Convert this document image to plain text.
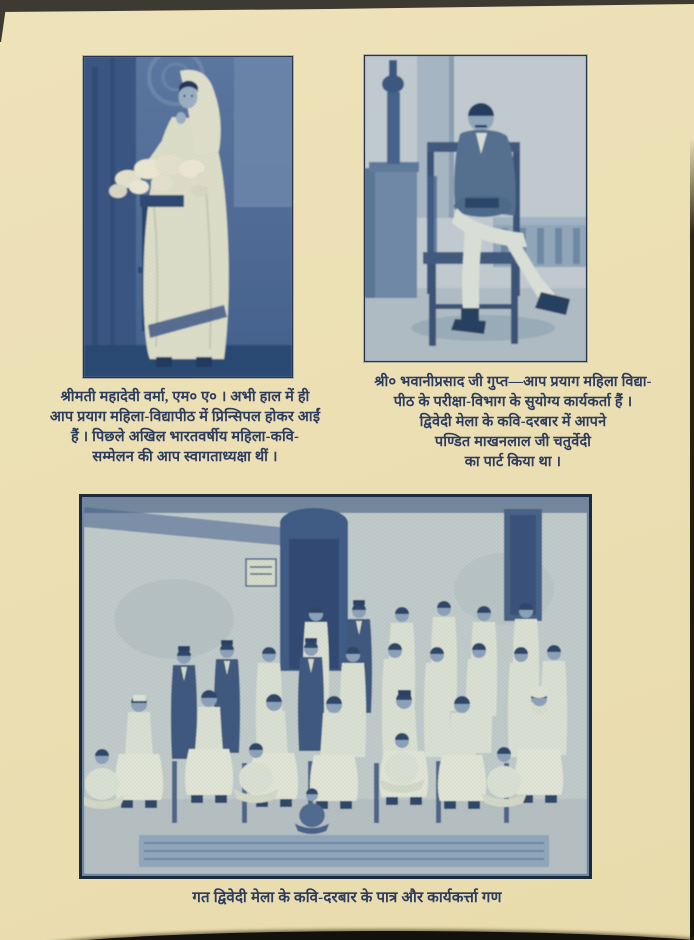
श्रीमती महादेवी वर्मा, एम० ए० । अभी हाल में ही
आप प्रयाग महिला-विद्यापीठ में प्रिन्सिपल होकर आईं
हैं । पिछले अखिल भारतवर्षीय महिला-कवि-
सम्मेलन की आप स्वागताध्यक्षा थीं ।
श्री० भवानीप्रसाद जी गुप्त—आप प्रयाग महिला विद्या-
पीठ के परीक्षा-विभाग के सुयोग्य कार्यकर्ता हैं ।
द्विवेदी मेला के कवि-दरबार में आपने
पण्डित माखनलाल जी चतुर्वेदी
का पार्ट किया था ।
गत द्विवेदी मेला के कवि-दरबार के पात्र और कार्यकर्त्ता गण
